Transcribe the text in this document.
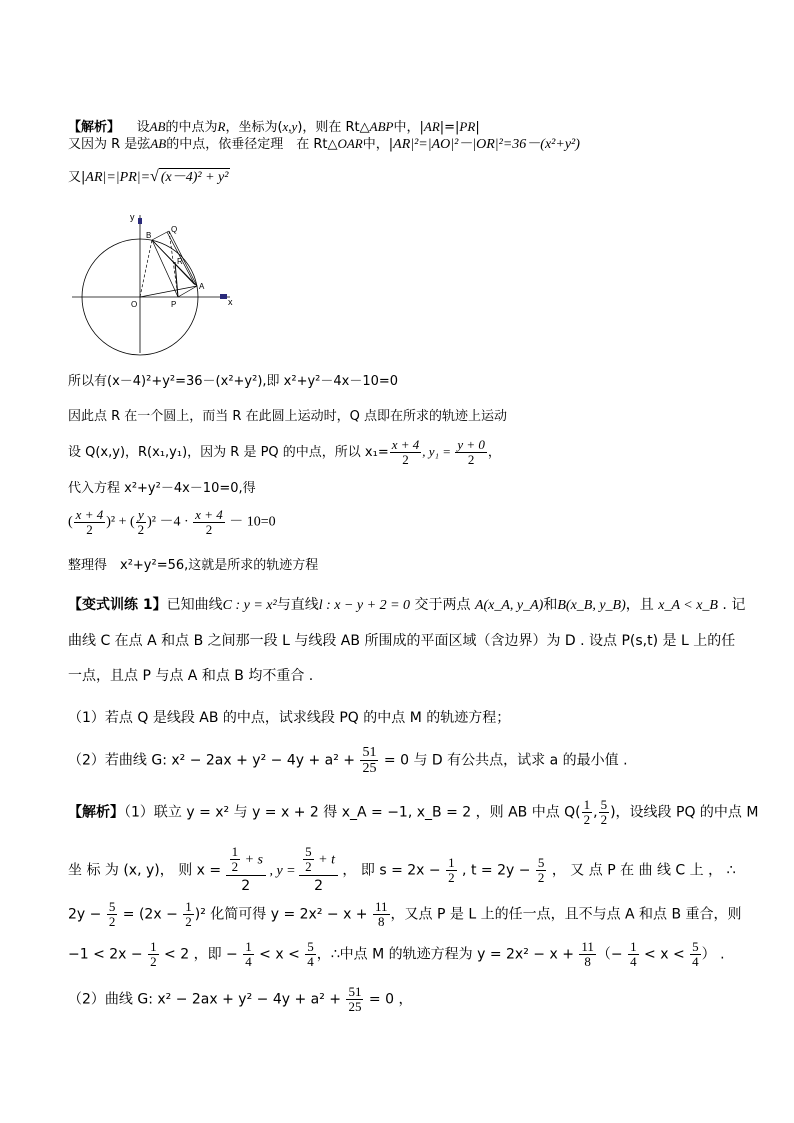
【解析】 设AB的中点为R，坐标为(x,y)，则在 Rt△ABP中，|AR|=|PR|
又因为 R 是弦AB的中点，依垂径定理　在 Rt△OAR中，|AR|²=|AO|²－|OR|²=36－(x²+y²)
又|AR|=|PR|=√ (x－4)² + y²
y
x
O	P
A
B
Q
R
所以有(x－4)²+y²=36－(x²+y²),即 x²+y²－4x－10=0
因此点 R 在一个圆上，而当 R 在此圆上运动时，Q 点即在所求的轨迹上运动
设 Q(x,y)，R(x₁,y₁)，因为 R 是 PQ 的中点，所以 $x_1= \frac{x + 4}{2}$ , $y_1 = \frac{y + 0}{2}$ ，
代入方程 x²+y²－4x－10=0,得
( $\frac{x + 4}{2} )^2$ + ( $\frac{y}{2} )^2 -4 \cdot \frac{x + 4}{2} - 10=0$
整理得　x²+y²=56,这就是所求的轨迹方程
【变式训练 1】已知曲线C : y = x²与直线l : x − y + 2 = 0 交于两点 A(x_A, y_A)和B(x_B, y_B)，且 x_A < x_B . 记
曲线 C 在点 A 和点 B 之间那一段 L 与线段 AB 所围成的平面区域（含边界）为 D . 设点 P(s,t) 是 L 上的任
一点，且点 P 与点 A 和点 B 均不重合 .
（1）若点 Q 是线段 AB 的中点，试求线段 PQ 的中点 M 的轨迹方程；
（2）若曲线 G: $x^2 - 2ax + y^2 - 4y + a^2 + \frac{51}{25} = 0$ 与 D 有公共点，试求 a 的最小值 .
【解析】（1）联立 y = x² 与 y = x + 2 得 x_A = −1, x_B = 2 ，则 AB 中点 $Q( \frac{1}{2}$ , $\frac{5}{2}$ )，设线段 PQ 的中点 M
坐 标 为 (x, y)， 则 $x = \frac{\frac{1}{2} + s}{2}$ , $y = \frac{\frac{5}{2} + t}{2}$ ， 即 $s = 2x - \frac{1}{2}$ , $t = 2y - \frac{5}{2}$ ， 又 点 P 在 曲 线 C 上 ， ∴
$2y - \frac{5}{2} = (2x - \frac{1}{2} )^2$ 化简可得 $y = 2x^2 - x + \frac{11}{8}$ ，又点 P 是 L 上的任一点，且不与点 A 和点 B 重合，则
$-1 < 2x - \frac{1}{2} < 2$ ，即 − $\frac{1}{4} < x < \frac{5}{4}$ ，∴中点 M 的轨迹方程为 $y = 2x^2 - x + \frac{11}{8}$ （− $\frac{1}{4} < x < \frac{5}{4}$ ） .
（2）曲线 G: $x^2 - 2ax + y^2 - 4y + a^2 + \frac{51}{25} = 0$ ，
